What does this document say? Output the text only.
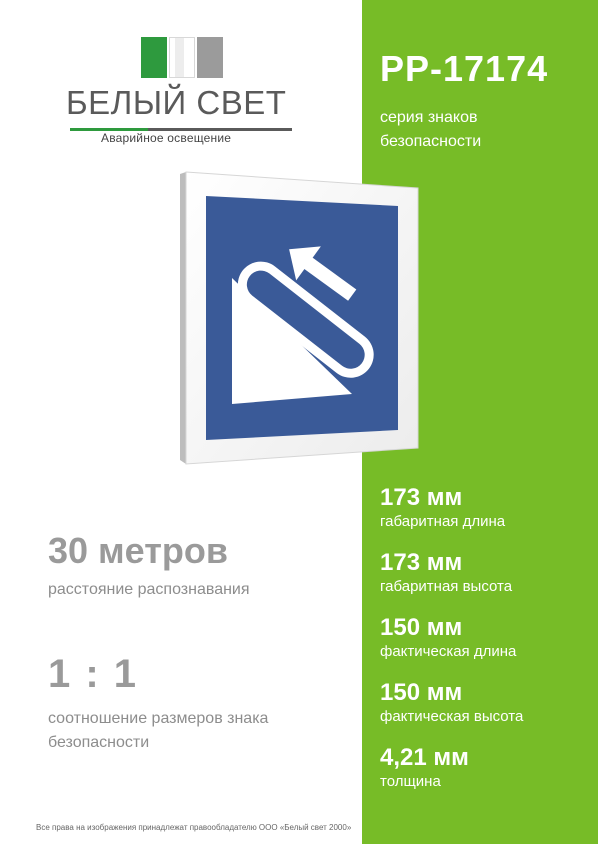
БЕЛЫЙ СВЕТ
Аварийное освещение
PP-17174
серия знаков безопасности
173 мм
габаритная длина
173 мм
габаритная высота
150 мм
фактическая длина
150 мм
фактическая высота
4,21 мм
толщина
30 метров
расстояние распознавания
1 : 1
соотношение размеров знака безопасности
Все права на изображения принадлежат правообладателю ООО «Белый свет 2000»
